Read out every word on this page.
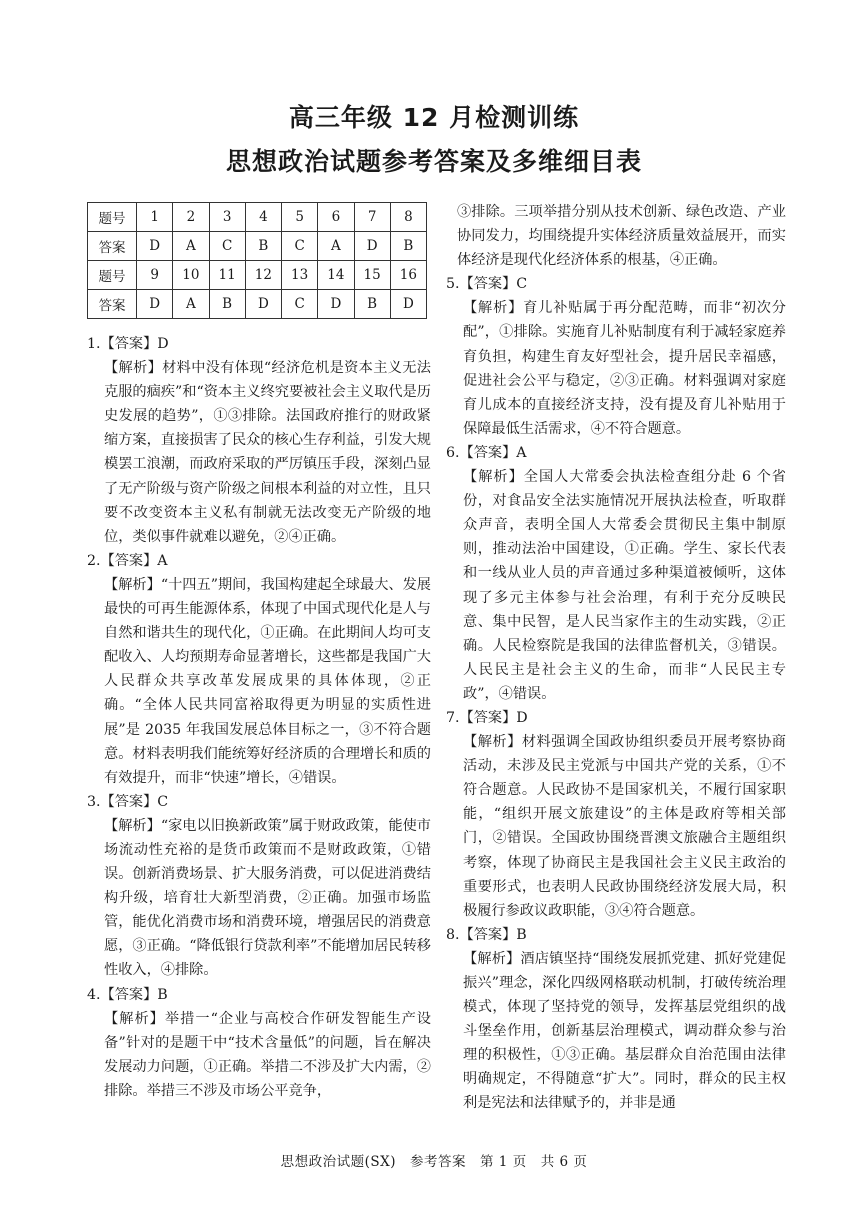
高三年级 12 月检测训练
思想政治试题参考答案及多维细目表
题号	1	2	3	4	5	6	7	8
答案	D	A	C	B	C	A	D	B
题号	9	10	11	12	13	14	15	16
答案	D	A	B	D	C	D	B	D

1.【答案】D

【解析】材料中没有体现“经济危机是资本主义无法克服的痼疾”和“资本主义终究要被社会主义取代是历史发展的趋势”，①③排除。法国政府推行的财政紧缩方案，直接损害了民众的核心生存利益，引发大规模罢工浪潮，而政府采取的严厉镇压手段，深刻凸显了无产阶级与资产阶级之间根本利益的对立性，且只要不改变资本主义私有制就无法改变无产阶级的地位，类似事件就难以避免，②④正确。

2.【答案】A

【解析】“十四五”期间，我国构建起全球最大、发展最快的可再生能源体系，体现了中国式现代化是人与自然和谐共生的现代化，①正确。在此期间人均可支配收入、人均预期寿命显著增长，这些都是我国广大人民群众共享改革发展成果的具体体现，②正确。“全体人民共同富裕取得更为明显的实质性进展”是 2035 年我国发展总体目标之一，③不符合题意。材料表明我们能统筹好经济质的合理增长和质的有效提升，而非“快速”增长，④错误。

3.【答案】C

【解析】“家电以旧换新政策”属于财政政策，能使市场流动性充裕的是货币政策而不是财政政策，①错误。创新消费场景、扩大服务消费，可以促进消费结构升级，培育壮大新型消费，②正确。加强市场监管，能优化消费市场和消费环境，增强居民的消费意愿，③正确。“降低银行贷款利率”不能增加居民转移性收入，④排除。

4.【答案】B

【解析】举措一“企业与高校合作研发智能生产设备”针对的是题干中“技术含量低”的问题，旨在解决发展动力问题，①正确。举措二不涉及扩大内需，②排除。举措三不涉及市场公平竞争，

③排除。三项举措分别从技术创新、绿色改造、产业协同发力，均围绕提升实体经济质量效益展开，而实体经济是现代化经济体系的根基，④正确。

5.【答案】C

【解析】育儿补贴属于再分配范畴，而非“初次分配”，①排除。实施育儿补贴制度有利于减轻家庭养育负担，构建生育友好型社会，提升居民幸福感，促进社会公平与稳定，②③正确。材料强调对家庭育儿成本的直接经济支持，没有提及育儿补贴用于保障最低生活需求，④不符合题意。

6.【答案】A

【解析】全国人大常委会执法检查组分赴 6 个省份，对食品安全法实施情况开展执法检查，听取群众声音，表明全国人大常委会贯彻民主集中制原则，推动法治中国建设，①正确。学生、家长代表和一线从业人员的声音通过多种渠道被倾听，这体现了多元主体参与社会治理，有利于充分反映民意、集中民智，是人民当家作主的生动实践，②正确。人民检察院是我国的法律监督机关，③错误。人民民主是社会主义的生命，而非“人民民主专政”，④错误。

7.【答案】D

【解析】材料强调全国政协组织委员开展考察协商活动，未涉及民主党派与中国共产党的关系，①不符合题意。人民政协不是国家机关，不履行国家职能，“组织开展文旅建设”的主体是政府等相关部门，②错误。全国政协围绕晋澳文旅融合主题组织考察，体现了协商民主是我国社会主义民主政治的重要形式，也表明人民政协围绕经济发展大局，积极履行参政议政职能，③④符合题意。

8.【答案】B

【解析】酒店镇坚持“围绕发展抓党建、抓好党建促振兴”理念，深化四级网格联动机制，打破传统治理模式，体现了坚持党的领导，发挥基层党组织的战斗堡垒作用，创新基层治理模式，调动群众参与治理的积极性，①③正确。基层群众自治范围由法律明确规定，不得随意“扩大”。同时，群众的民主权利是宪法和法律赋予的，并非是通

思想政治试题(SX)　参考答案　第 1 页　共 6 页
